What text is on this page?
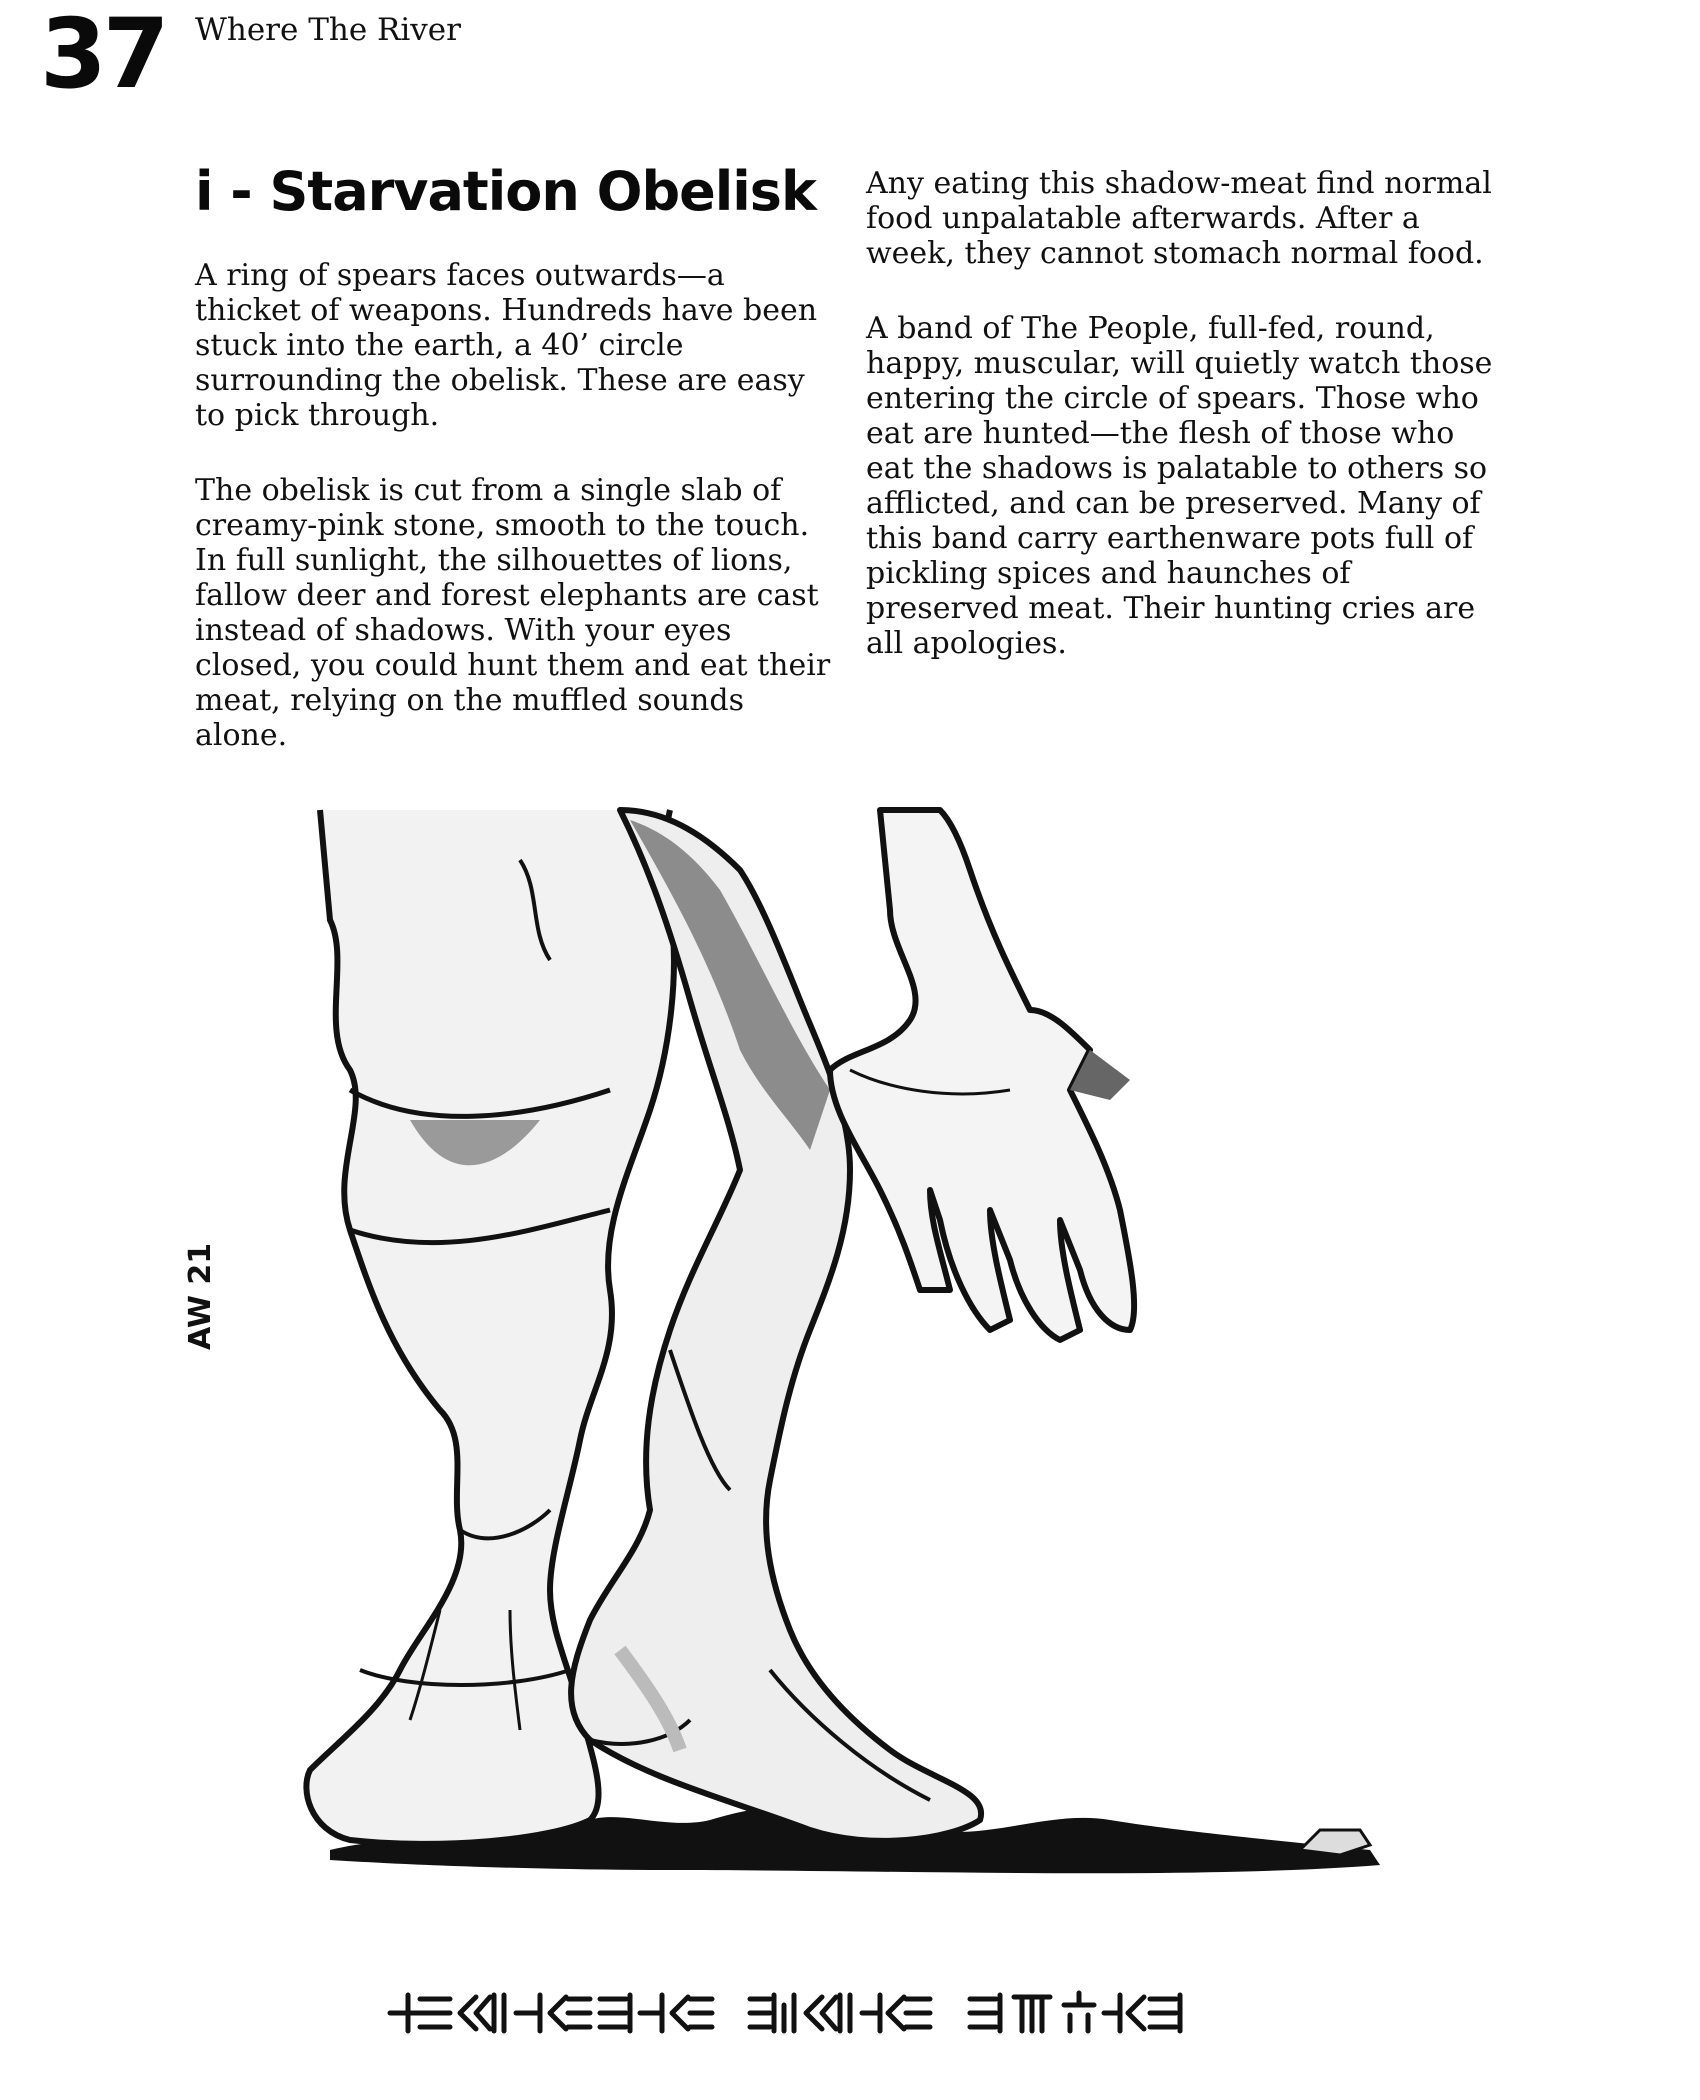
37 Where The River
i - Starvation Obelisk

A ring of spears faces outwards—a thicket of weapons. Hundreds have been stuck into the earth, a 40’ circle surrounding the obelisk. These are easy to pick through.

The obelisk is cut from a single slab of creamy-pink stone, smooth to the touch. In full sunlight, the silhouettes of lions, fallow deer and forest elephants are cast instead of shadows. With your eyes closed, you could hunt them and eat their meat, relying on the muffled sounds alone.

Any eating this shadow-meat find normal food unpalatable afterwards. After a week, they cannot stomach normal food.

A band of The People, full-fed, round, happy, muscular, will quietly watch those entering the circle of spears. Those who eat are hunted—the flesh of those who eat the shadows is palatable to others so afflicted, and can be preserved. Many of this band carry earthenware pots full of pickling spices and haunches of preserved meat. Their hunting cries are all apologies.

AW 21
